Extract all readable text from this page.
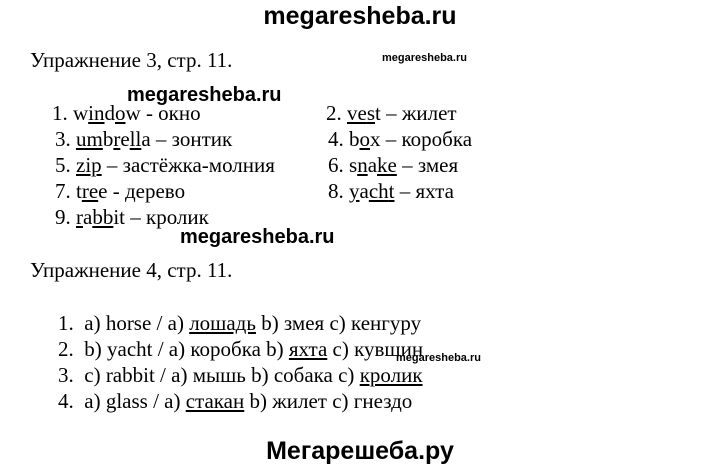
megaresheba.ru
megaresheba.ru
megaresheba.ru
megaresheba.ru
megaresheba.ru
Мегарешеба.ру
Упражнение 3, стр. 11.
1. window - окно	2. vest – жилет
3. umbrella – зонтик	4. box – коробка
5. zip – застёжка-молния	6. snake – змея
7. tree - дерево	8. yacht – яхта
9. rabbit – кролик
Упражнение 4, стр. 11.
1. a) horse / a) лошадь b) змея c) кенгуру
2. b) yacht / a) коробка b) яхта c) кувшин
3. c) rabbit / a) мышь b) собака c) кролик
4. a) glass / a) стакан b) жилет c) гнездо
